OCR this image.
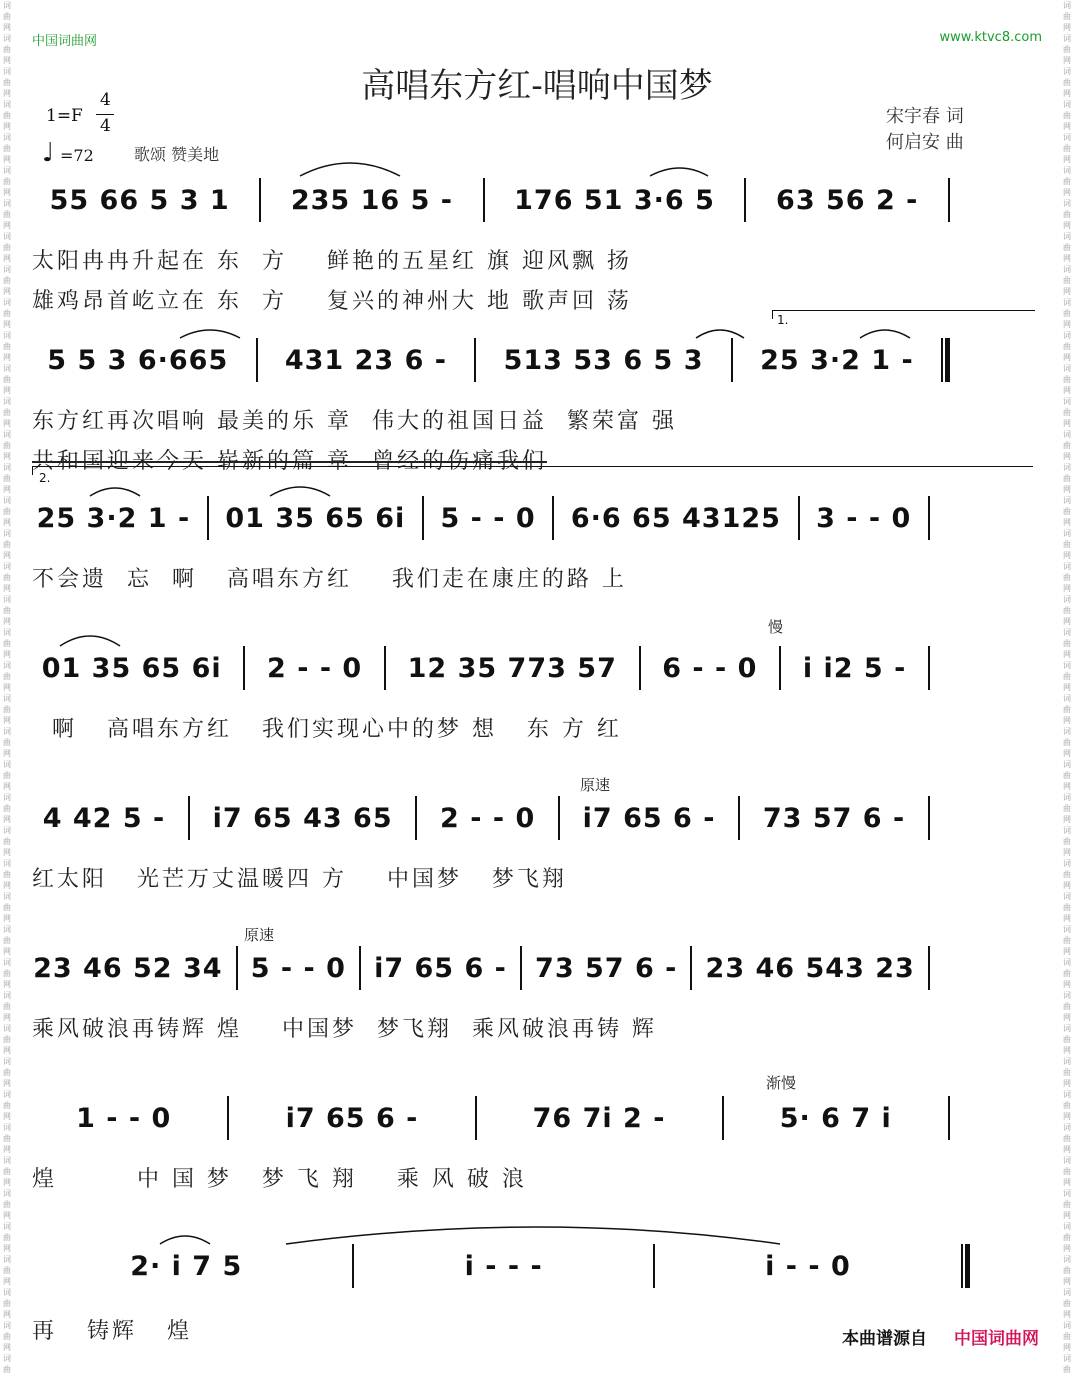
词
曲
网
词
曲
网
词
曲
网
词
曲
网
词
曲
网
词
曲
网
词
曲
网
词
曲
网
词
曲
网
词
曲
网
词
曲
网
词
曲
网
词
曲
网
词
曲
网
词
曲
网
词
曲
网
词
曲
网
词
曲
网
词
曲
网
词
曲
网
词
曲
网
词
曲
网
词
曲
网
词
曲
网
词
曲
网
词
曲
网
词
曲
网
词
曲
网
词
曲
网
词
曲
网
词
曲
网
词
曲
网
词
曲
网
词
曲
网
词
曲
网
词
曲
网
词
曲
网
词
曲
网
词
曲
网
词
曲
网
词
曲
网
词
曲
词
曲
网
词
曲
网
词
曲
网
词
曲
网
词
曲
网
词
曲
网
词
曲
网
词
曲
网
词
曲
网
词
曲
网
词
曲
网
词
曲
网
词
曲
网
词
曲
网
词
曲
网
词
曲
网
词
曲
网
词
曲
网
词
曲
网
词
曲
网
词
曲
网
词
曲
网
词
曲
网
词
曲
网
词
曲
网
词
曲
网
词
曲
网
词
曲
网
词
曲
网
词
曲
网
词
曲
网
词
曲
网
词
曲
网
词
曲
网
词
曲
网
词
曲
网
词
曲
网
词
曲
网
词
曲
网
词
曲
网
词
曲
网
词
曲
中国词曲网	www.ktvc8.com
高唱东方红-唱响中国梦
宋宇春 词
何启安 曲
1=F
4
4
♩ =72	歌颂 赞美地
55 66 5 3 1 235 16 5 - 176 51 3·6 5 63 56 2 -
5 5 3 6·665 431 23 6 - 513 53 6 5 3 25 3·2 1 -
25 3·2 1 - 01 35 65 6i 5 - - 0 6·6 65 43125 3 - - 0
01 35 65 6i 2 - - 0 12 35 773 57 6 - - 0 i i2 5 -
4 42 5 - i7 65 43 65 2 - - 0 i7 65 6 - 73 57 6 -
23 46 52 34 5 - - 0 i7 65 6 - 73 57 6 - 23 46 543 23
1 - - 0	i7 65 6 -	76 7i 2 -	5· 6 7 i
2· i 7 5	i - - -	i - - 0
太阳冉冉升起在 东  方    鲜艳的五星红 旗 迎风飘 扬
雄鸡昂首屹立在 东  方    复兴的神州大 地 歌声回 荡
东方红再次唱响 最美的乐 章  伟大的祖国日益  繁荣富 强
共和国迎来今天 崭新的篇 章  曾经的伤痛我们
不会遗  忘  啊   高唱东方红    我们走在康庄的路 上
啊   高唱东方红   我们实现心中的梦 想   东 方 红
红太阳   光芒万丈温暖四 方    中国梦   梦飞翔
乘风破浪再铸辉 煌    中国梦  梦飞翔  乘风破浪再铸 辉
煌        中 国 梦   梦 飞 翔    乘 风 破 浪
再   铸辉   煌
1.
2.
慢
原速
原速
渐慢
本曲谱源自 中国词曲网
